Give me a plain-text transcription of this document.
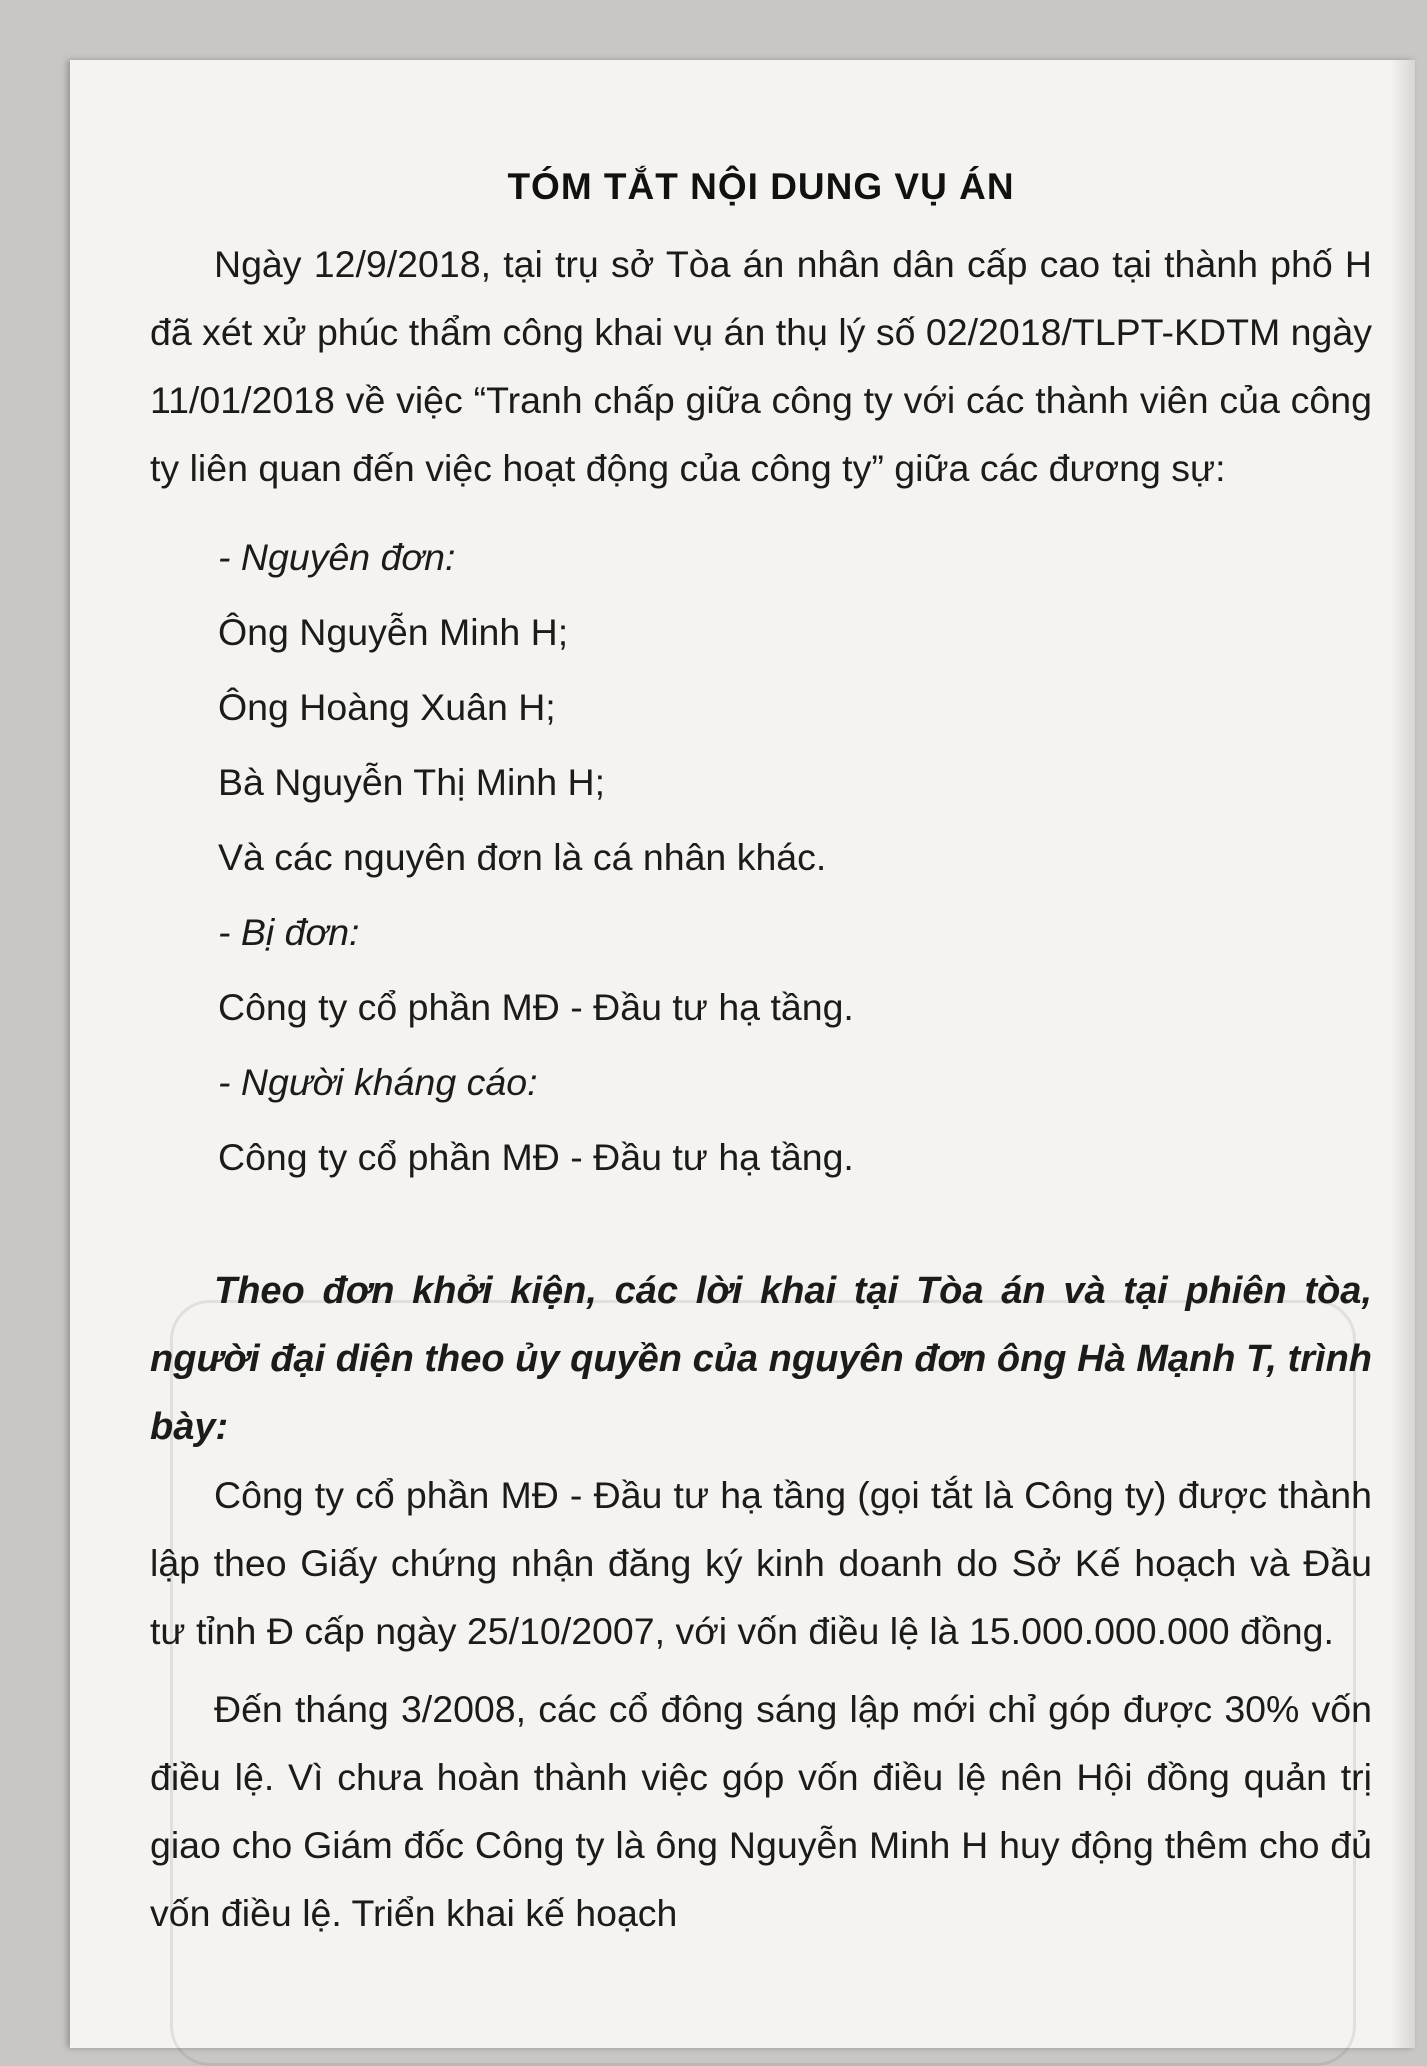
TÓM TẮT NỘI DUNG VỤ ÁN

Ngày 12/9/2018, tại trụ sở Tòa án nhân dân cấp cao tại thành phố H đã xét xử phúc thẩm công khai vụ án thụ lý số 02/2018/TLPT-KDTM ngày 11/01/2018 về việc “Tranh chấp giữa công ty với các thành viên của công ty liên quan đến việc hoạt động của công ty” giữa các đương sự:

- Nguyên đơn:

Ông Nguyễn Minh H;

Ông Hoàng Xuân H;

Bà Nguyễn Thị Minh H;

Và các nguyên đơn là cá nhân khác.

- Bị đơn:

Công ty cổ phần MĐ - Đầu tư hạ tầng.

- Người kháng cáo:

Công ty cổ phần MĐ - Đầu tư hạ tầng.

Theo đơn khởi kiện, các lời khai tại Tòa án và tại phiên tòa, người đại diện theo ủy quyền của nguyên đơn ông Hà Mạnh T, trình bày:

Công ty cổ phần MĐ - Đầu tư hạ tầng (gọi tắt là Công ty) được thành lập theo Giấy chứng nhận đăng ký kinh doanh do Sở Kế hoạch và Đầu tư tỉnh Đ cấp ngày 25/10/2007, với vốn điều lệ là 15.000.000.000 đồng.

Đến tháng 3/2008, các cổ đông sáng lập mới chỉ góp được 30% vốn điều lệ. Vì chưa hoàn thành việc góp vốn điều lệ nên Hội đồng quản trị giao cho Giám đốc Công ty là ông Nguyễn Minh H huy động thêm cho đủ vốn điều lệ. Triển khai kế hoạch
